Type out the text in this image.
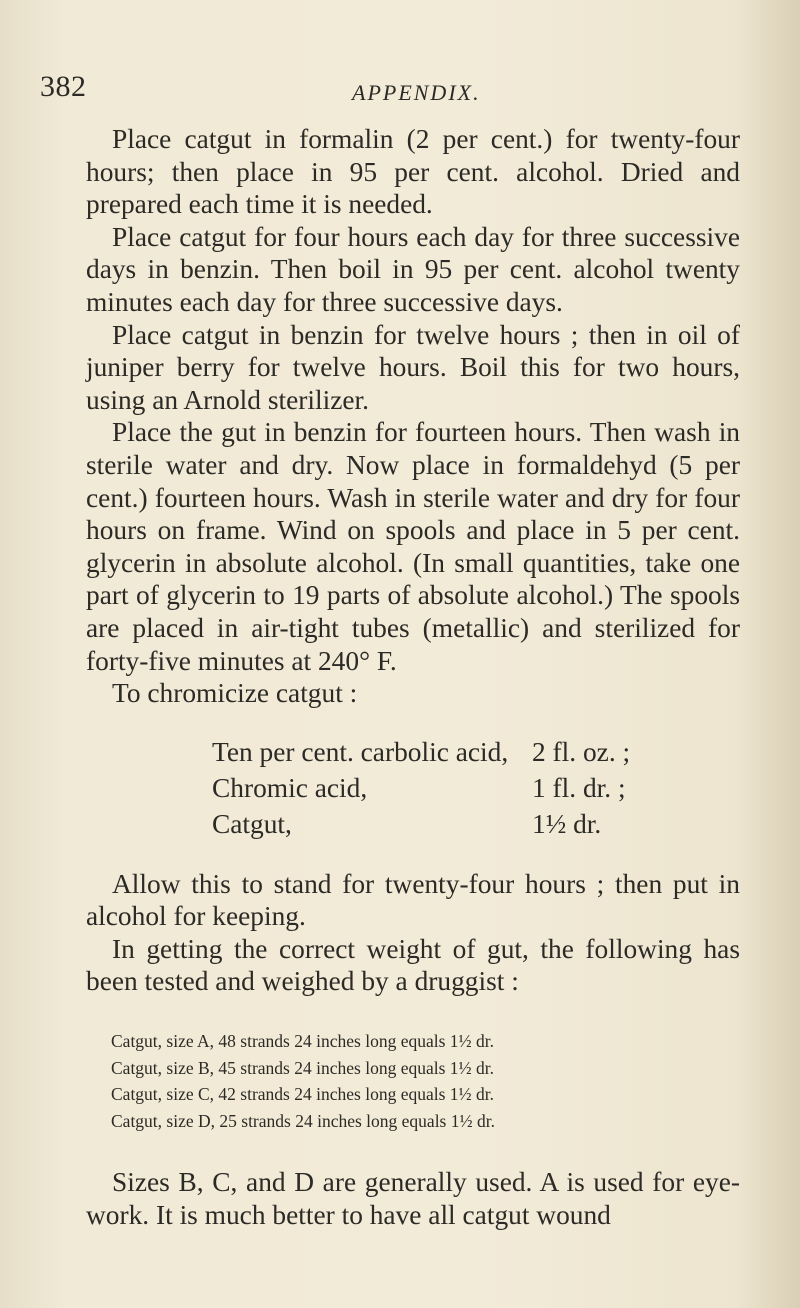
382	APPENDIX.

Place catgut in formalin (2 per cent.) for twenty-four hours; then place in 95 per cent. alcohol. Dried and prepared each time it is needed.

Place catgut for four hours each day for three successive days in benzin. Then boil in 95 per cent. alcohol twenty minutes each day for three successive days.

Place catgut in benzin for twelve hours ; then in oil of juniper berry for twelve hours. Boil this for two hours, using an Arnold sterilizer.

Place the gut in benzin for fourteen hours. Then wash in sterile water and dry. Now place in formaldehyd (5 per cent.) fourteen hours. Wash in sterile water and dry for four hours on frame. Wind on spools and place in 5 per cent. glycerin in absolute alcohol. (In small quantities, take one part of glycerin to 19 parts of absolute alcohol.) The spools are placed in air-tight tubes (metallic) and sterilized for forty-five minutes at 240° F.

To chromicize catgut :

Ten per cent. carbolic acid, 2 fl. oz. ;
Chromic acid,	1 fl. dr. ;
Catgut,	1½ dr.

Allow this to stand for twenty-four hours ; then put in alcohol for keeping.

In getting the correct weight of gut, the following has been tested and weighed by a druggist :

Catgut, size A, 48 strands 24 inches long equals 1½ dr.
Catgut, size B, 45 strands 24 inches long equals 1½ dr.
Catgut, size C, 42 strands 24 inches long equals 1½ dr.
Catgut, size D, 25 strands 24 inches long equals 1½ dr.

Sizes B, C, and D are generally used. A is used for eye-work. It is much better to have all catgut wound
